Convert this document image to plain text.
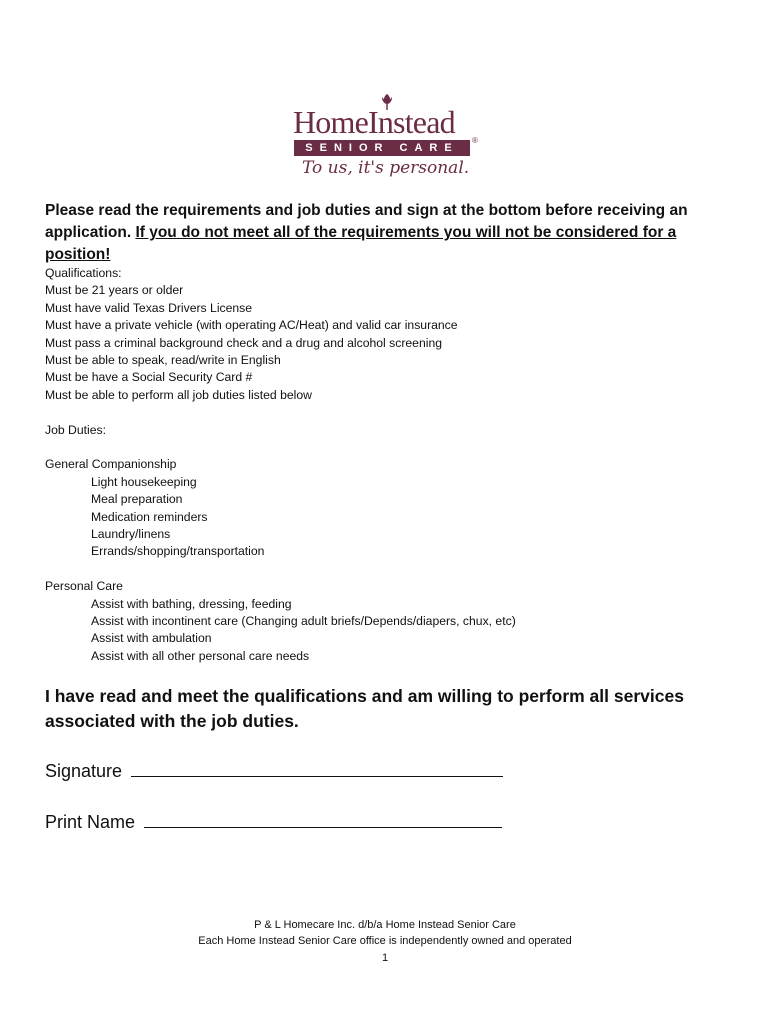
HomeInstead
SENIOR CARE
®
To us, it's personal.
Please read the requirements and job duties and sign at the bottom before receiving an application. If you do not meet all of the requirements you will not be considered for a position!
Qualifications:
Must be 21 years or older
Must have valid Texas Drivers License
Must have a private vehicle (with operating AC/Heat) and valid car insurance
Must pass a criminal background check and a drug and alcohol screening
Must be able to speak, read/write in English
Must be have a Social Security Card #
Must be able to perform all job duties listed below
Job Duties:
General Companionship
Light housekeeping
Meal preparation
Medication reminders
Laundry/linens
Errands/shopping/transportation
Personal Care
Assist with bathing, dressing, feeding
Assist with incontinent care (Changing adult briefs/Depends/diapers, chux, etc)
Assist with ambulation
Assist with all other personal care needs
I have read and meet the qualifications and am willing to perform all services associated with the job duties.
Signature
Print Name
P & L Homecare Inc. d/b/a Home Instead Senior Care
Each Home Instead Senior Care office is independently owned and operated
1
